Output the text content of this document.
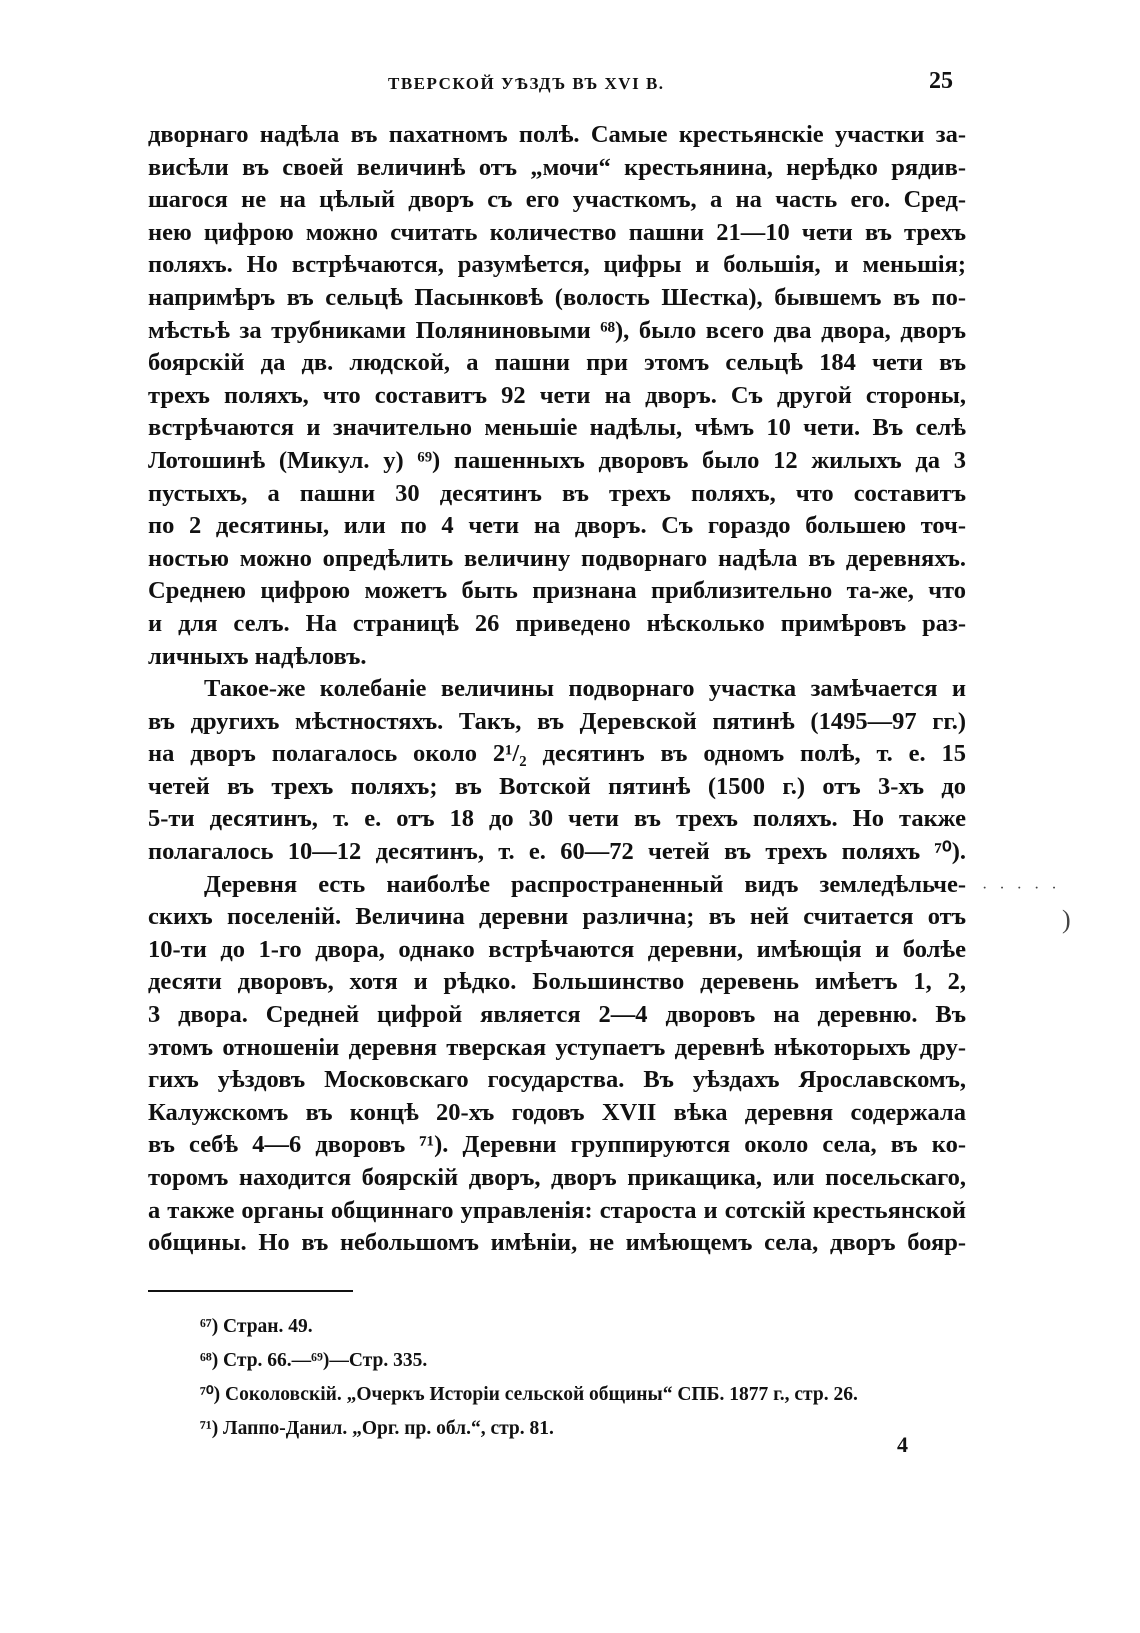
ТВЕРСКОЙ УѢЗДЪ ВЪ XVI В.	25
дворнаго надѣла въ пахатномъ полѣ. Самые крестьянскіе участки за-
висѣли въ своей величинѣ отъ „мочи“ крестьянина, нерѣдко рядив-
шагося не на цѣлый дворъ съ его участкомъ, а на часть его. Сред-
нею цифрою можно считать количество пашни 21—10 чети въ трехъ
поляхъ. Но встрѣчаются, разумѣется, цифры и большія, и меньшія;
напримѣръ въ сельцѣ Пасынковѣ (волость Шестка), бывшемъ въ по-
мѣстьѣ за трубниками Поляниновыми ⁶⁸), было всего два двора, дворъ
боярскій да дв. людской, а пашни при этомъ сельцѣ 184 чети въ
трехъ поляхъ, что составитъ 92 чети на дворъ. Съ другой стороны,
встрѣчаются и значительно меньшіе надѣлы, чѣмъ 10 чети. Въ селѣ
Лотошинѣ (Микул. у) ⁶⁹) пашенныхъ дворовъ было 12 жилыхъ да 3
пустыхъ, а пашни 30 десятинъ въ трехъ поляхъ, что составитъ
по 2 десятины, или по 4 чети на дворъ. Съ гораздо большею точ-
ностью можно опредѣлить величину подворнаго надѣла въ деревняхъ.
Среднею цифрою можетъ быть признана приблизительно та-же, что
и для селъ. На страницѣ 26 приведено нѣсколько примѣровъ раз-
личныхъ надѣловъ.
Такое-же колебаніе величины подворнаго участка замѣчается и
въ другихъ мѣстностяхъ. Такъ, въ Деревской пятинѣ (1495—97 гг.)
на дворъ полагалось около 2¹/₂ десятинъ въ одномъ полѣ, т. е. 15
четей въ трехъ поляхъ; въ Вотской пятинѣ (1500 г.) отъ 3-хъ до
5-ти десятинъ, т. е. отъ 18 до 30 чети въ трехъ поляхъ. Но также
полагалось 10—12 десятинъ, т. е. 60—72 четей въ трехъ поляхъ ⁷⁰).
Деревня есть наиболѣе распространенный видъ земледѣльче-
скихъ поселеній. Величина деревни различна; въ ней считается отъ
10-ти до 1-го двора, однако встрѣчаются деревни, имѣющія и болѣе
десяти дворовъ, хотя и рѣдко. Большинство деревень имѣетъ 1, 2,
3 двора. Средней цифрой является 2—4 дворовъ на деревню. Въ
этомъ отношеніи деревня тверская уступаетъ деревнѣ нѣкоторыхъ дру-
гихъ уѣздовъ Московскаго государства. Въ уѣздахъ Ярославскомъ,
Калужскомъ въ концѣ 20-хъ годовъ XVII вѣка деревня содержала
въ себѣ 4—6 дворовъ ⁷¹). Деревни группируются около села, въ ко-
торомъ находится боярскій дворъ, дворъ прикащика, или посельскаго,
а также органы общиннаго управленія: староста и сотскій крестьянской
общины. Но въ небольшомъ имѣніи, не имѣющемъ села, дворъ бояр-
· · · · ·
)
⁶⁷) Стран. 49.
⁶⁸) Стр. 66.—⁶⁹)—Стр. 335.
⁷⁰) Соколовскій. „Очеркъ Исторіи сельской общины“ СПБ. 1877 г., стр. 26.
⁷¹) Лаппо-Данил. „Орг. пр. обл.“, стр. 81.
4
